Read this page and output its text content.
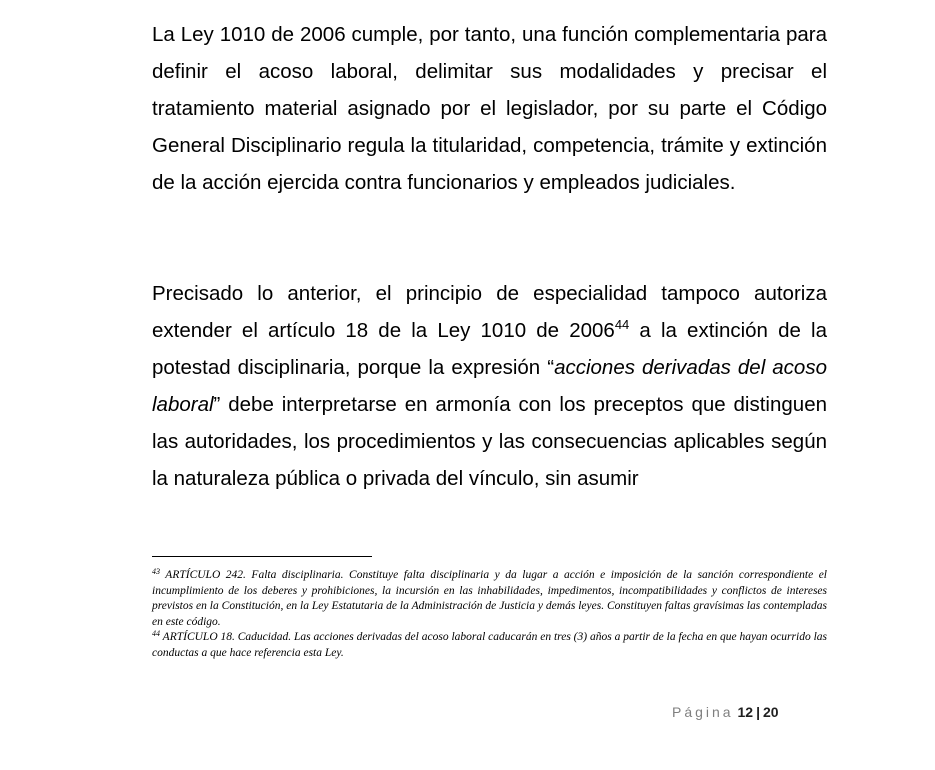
La Ley 1010 de 2006 cumple, por tanto, una función complementaria para definir el acoso laboral, delimitar sus modalidades y precisar el tratamiento material asignado por el legislador, por su parte el Código General Disciplinario regula la titularidad, competencia, trámite y extinción de la acción ejercida contra funcionarios y empleados judiciales.

Precisado lo anterior, el principio de especialidad tampoco autoriza extender el artículo 18 de la Ley 1010 de 2006$^{44}$ a la extinción de la potestad disciplinaria, porque la expresión “acciones derivadas del acoso laboral” debe interpretarse en armonía con los preceptos que distinguen las autoridades, los procedimientos y las consecuencias aplicables según la naturaleza pública o privada del vínculo, sin asumir

$^{43}$ ARTÍCULO 242. Falta disciplinaria. Constituye falta disciplinaria y da lugar a acción e imposición de la sanción correspondiente el incumplimiento de los deberes y prohibiciones, la incursión en las inhabilidades, impedimentos, incompatibilidades y conflictos de intereses previstos en la Constitución, en la Ley Estatutaria de la Administración de Justicia y demás leyes. Constituyen faltas gravísimas las contempladas en este código.

$^{44}$ ARTÍCULO 18. Caducidad. Las acciones derivadas del acoso laboral caducarán en tres (3) años a partir de la fecha en que hayan ocurrido las conductas a que hace referencia esta Ley.

Página 12 | 20
